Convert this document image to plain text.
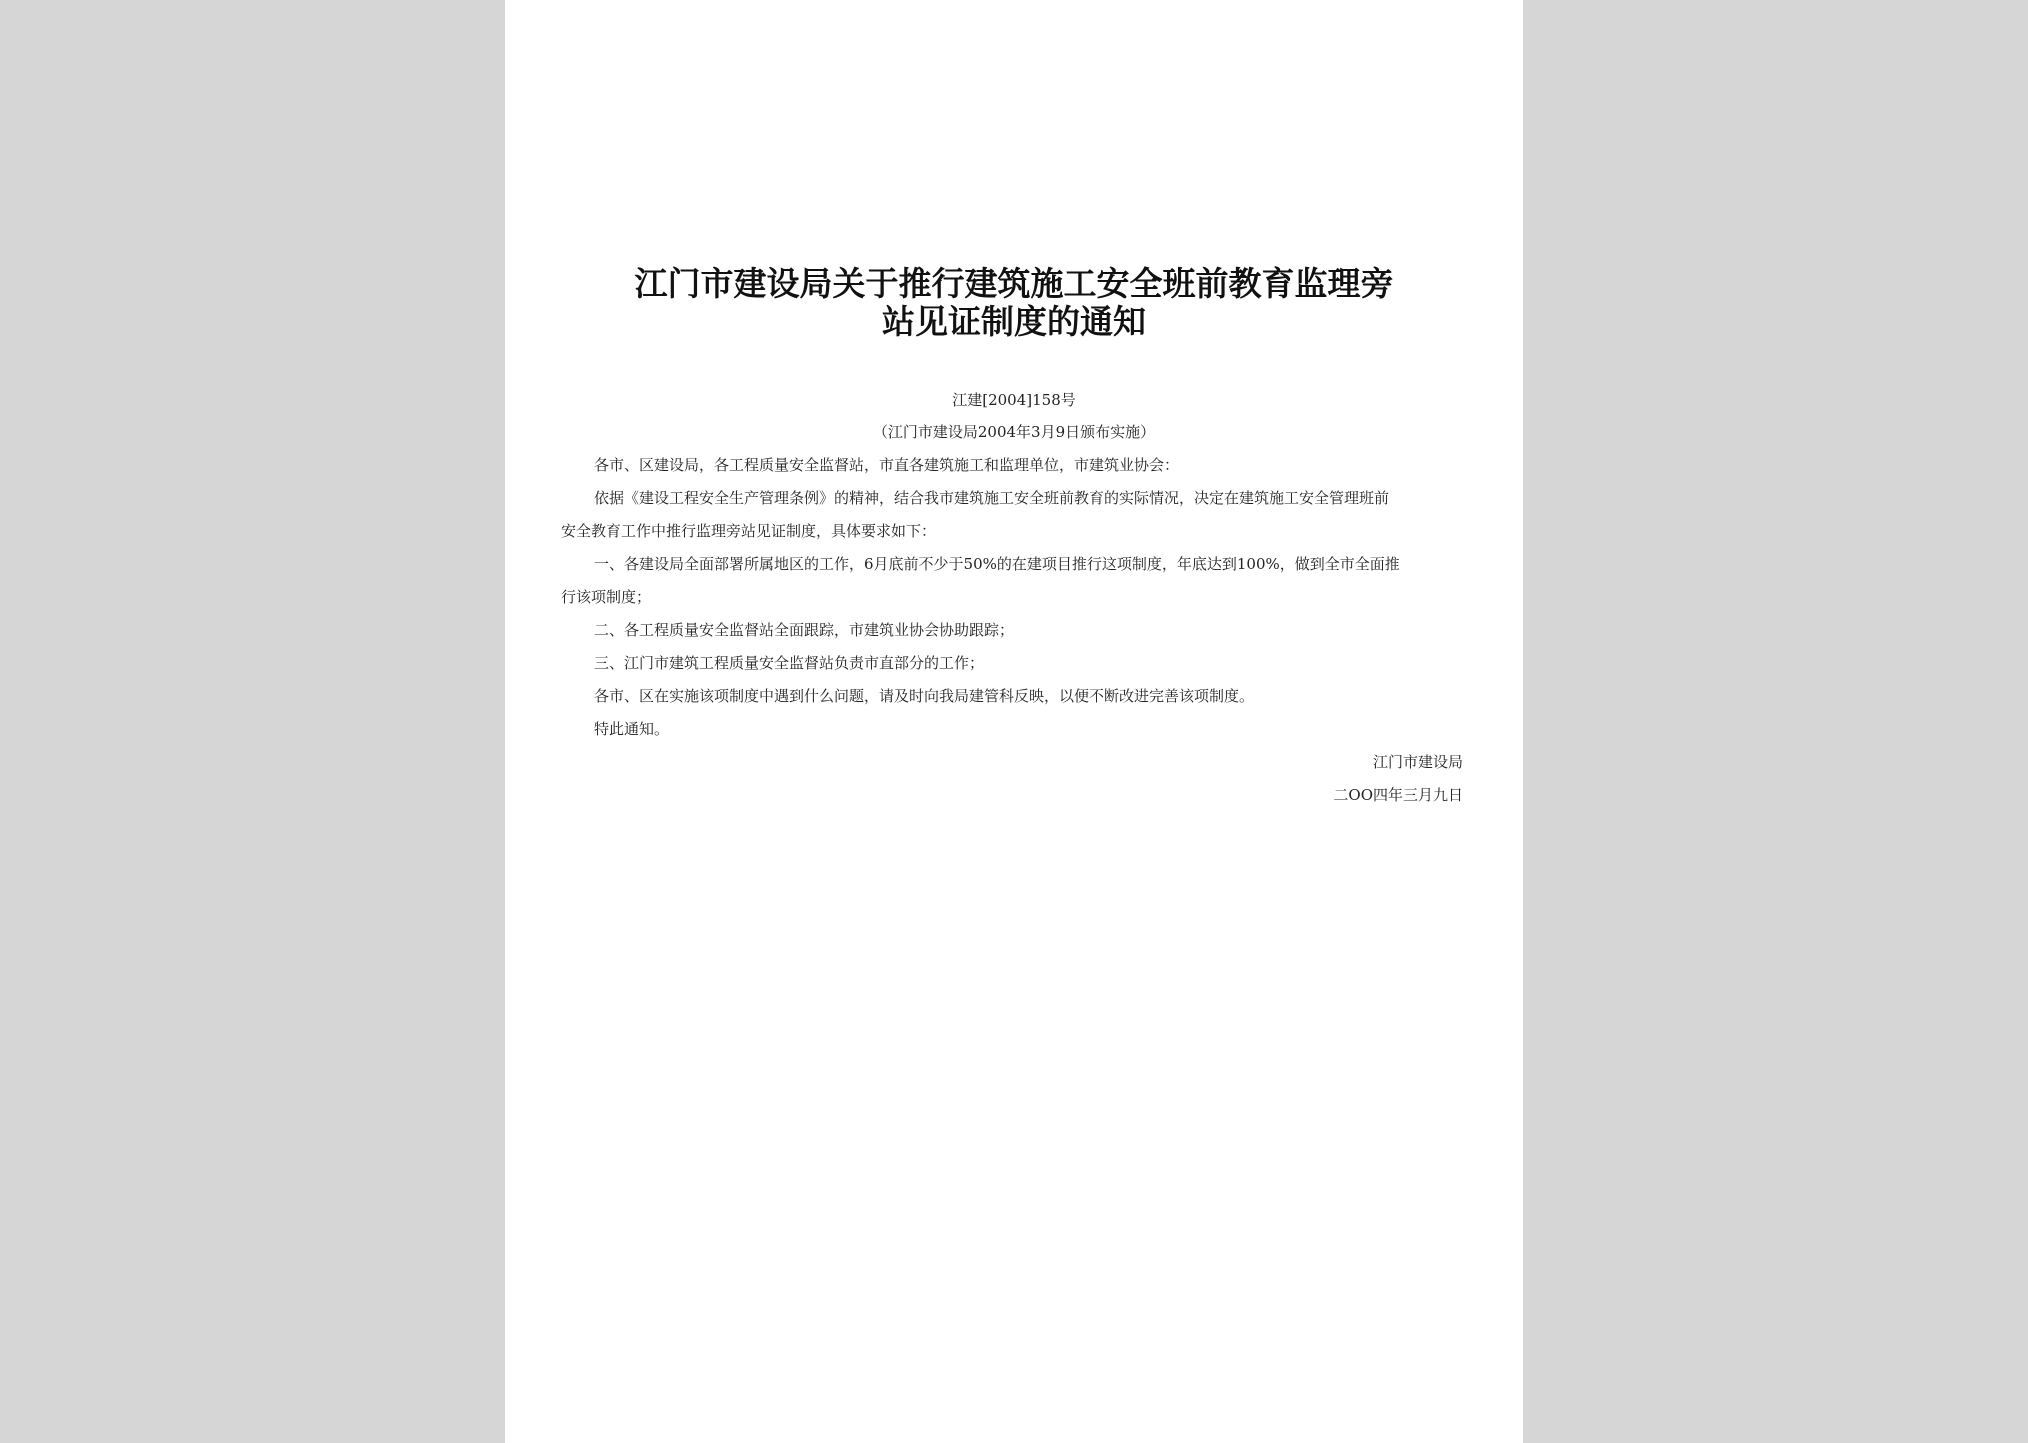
江门市建设局关于推行建筑施工安全班前教育监理旁
站见证制度的通知
江建[2004]158号
（江门市建设局2004年3月9日颁布实施）
各市、区建设局，各工程质量安全监督站，市直各建筑施工和监理单位，市建筑业协会：
依据《建设工程安全生产管理条例》的精神，结合我市建筑施工安全班前教育的实际情况，决定在建筑施工安全管理班前
安全教育工作中推行监理旁站见证制度，具体要求如下：
一、各建设局全面部署所属地区的工作，6月底前不少于50%的在建项目推行这项制度，年底达到100%，做到全市全面推
行该项制度；
二、各工程质量安全监督站全面跟踪，市建筑业协会协助跟踪；
三、江门市建筑工程质量安全监督站负责市直部分的工作；
各市、区在实施该项制度中遇到什么问题，请及时向我局建管科反映，以便不断改进完善该项制度。
特此通知。
江门市建设局
二OO四年三月九日
